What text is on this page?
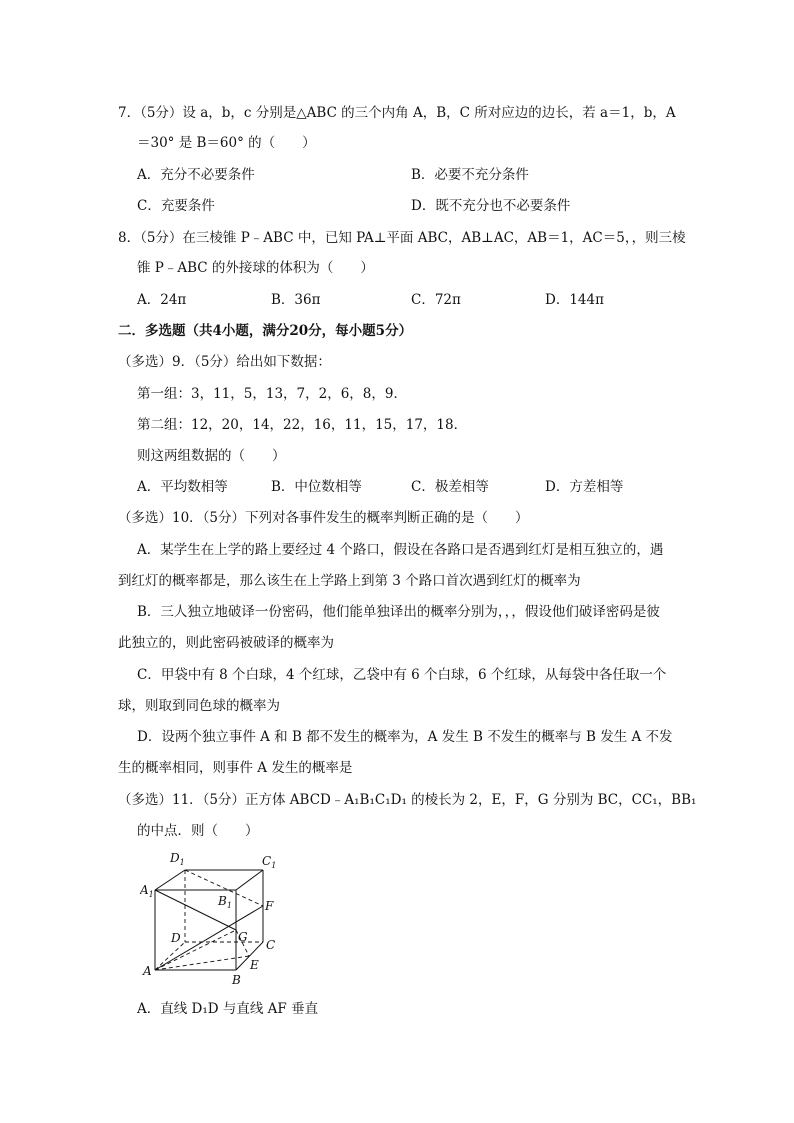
7．（5分）设 a，b，c 分别是△ABC 的三个内角 A，B，C 所对应边的边长，若 a＝1，b，A
＝30° 是 B＝60° 的（　　）
A．充分不必要条件	B．必要不充分条件
C．充要条件	D．既不充分也不必要条件
8．（5分）在三棱锥 P﹣ABC 中，已知 PA⊥平面 ABC，AB⊥AC，AB＝1，AC＝5，，则三棱
锥 P﹣ABC 的外接球的体积为（　　）
A．24π	B．36π	C．72π	D．144π
二．多选题（共4小题，满分20分，每小题5分）
（多选）9．（5分）给出如下数据：
第一组：3，11，5，13，7，2，6，8，9．
第二组：12，20，14，22，16，11，15，17，18．
则这两组数据的（　　）
A．平均数相等	B．中位数相等	C．极差相等	D．方差相等
（多选）10．（5分）下列对各事件发生的概率判断正确的是（　　）
A．某学生在上学的路上要经过 4 个路口，假设在各路口是否遇到红灯是相互独立的，遇
到红灯的概率都是，那么该生在上学路上到第 3 个路口首次遇到红灯的概率为
B．三人独立地破译一份密码，他们能单独译出的概率分别为，，，假设他们破译密码是彼
此独立的，则此密码被破译的概率为
C．甲袋中有 8 个白球，4 个红球，乙袋中有 6 个白球，6 个红球，从每袋中各任取一个
球，则取到同色球的概率为
D．设两个独立事件 A 和 B 都不发生的概率为，A 发生 B 不发生的概率与 B 发生 A 不发
生的概率相同，则事件 A 发生的概率是
（多选）11．（5分）正方体 ABCD﹣A₁B₁C₁D₁ 的棱长为 2，E，F，G 分别为 BC，CC₁，BB₁
的中点．则（　　）
$D_1$	$C_1$
$A_1$	$B_1$	F
D	G
C
A	E
B
A．直线 D₁D 与直线 AF 垂直
